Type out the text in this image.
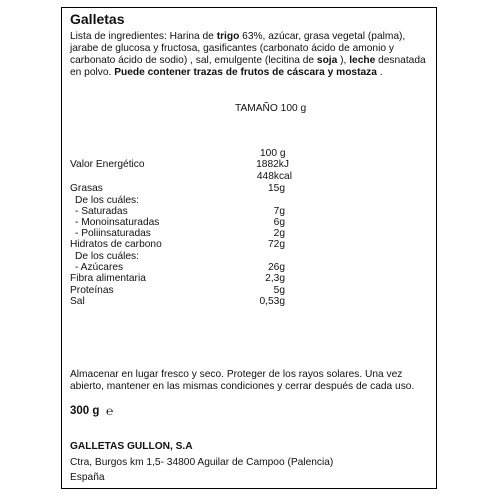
Galletas
Lista de ingredientes: Harina de trigo 63%, azúcar, grasa vegetal (palma), jarabe de glucosa y fructosa, gasificantes (carbonato ácido de amonio y carbonato ácido de sodio) , sal, emulgente (lecitina de soja ), leche desnatada en polvo. Puede contener trazas de frutos de cáscara y mostaza .
TAMAÑO 100 g
100 g
Valor Energético	1882kJ
448kcal
Grasas	15g
De los cuáles:
- Saturadas	7g
- Monoinsaturadas	6g
- Poliinsaturadas	2g
Hidratos de carbono	72g
De los cuáles:
- Azúcares	26g
Fibra alimentaria	2,3g
Proteínas	5g
Sal	0,53g
Almacenar en lugar fresco y seco. Proteger de los rayos solares. Una vez abierto, mantener en las mismas condiciones y cerrar después de cada uso.
300 g ℮
GALLETAS GULLON, S.A
Ctra, Burgos km 1,5- 34800 Aguilar de Campoo (Palencia)
España
